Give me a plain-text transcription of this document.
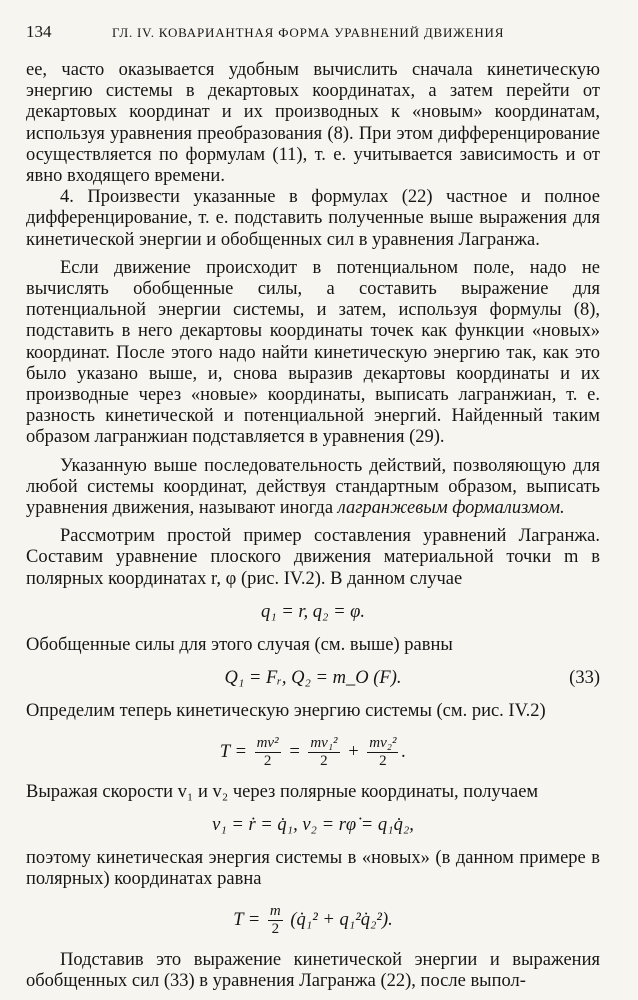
134	ГЛ. IV. КОВАРИАНТНАЯ ФОРМА УРАВНЕНИЙ ДВИЖЕНИЯ

ее, часто оказывается удобным вычислить сначала кинетическую энергию системы в декартовых координатах, а затем перейти от декартовых координат и их производных к «новым» координатам, используя уравнения преобразования (8). При этом дифференцирование осуществляется по формулам (11), т. е. учитывается зависимость и от явно входящего времени.

4. Произвести указанные в формулах (22) частное и полное дифференцирование, т. е. подставить полученные выше выражения для кинетической энергии и обобщенных сил в уравнения Лагранжа.

Если движение происходит в потенциальном поле, надо не вычислять обобщенные силы, а составить выражение для потенциальной энергии системы, и затем, используя формулы (8), подставить в него декартовы координаты точек как функции «новых» координат. После этого надо найти кинетическую энергию так, как это было указано выше, и, снова выразив декартовы координаты и их производные через «новые» координаты, выписать лагранжиан, т. е. разность кинетической и потенциальной энергий. Найденный таким образом лагранжиан подставляется в уравнения (29).

Указанную выше последовательность действий, позволяющую для любой системы координат, действуя стандартным образом, выписать уравнения движения, называют иногда лагранжевым формализмом.

Рассмотрим простой пример составления уравнений Лагранжа. Составим уравнение плоского движения материальной точки m в полярных координатах r, φ (рис. IV.2). В данном случае

q₁ = r, q₂ = φ.

Обобщенные силы для этого случая (см. выше) равны

Q₁ = Fᵣ, Q₂ = m_O (F).	(33)

Определим теперь кинетическую энергию системы (см. рис. IV.2)

$T = \frac{\text{mv²}}{2} = \frac{\text{mv₁²}}{2} + \frac{\text{mv₂²}}{2}$ .

Выражая скорости v₁ и v₂ через полярные координаты, получаем

v₁ = ṙ = q̇₁, v₂ = rφ̇ = q₁q̇₂,

поэтому кинетическая энергия системы в «новых» (в данном примере в полярных) координатах равна

$T = \frac{m}{2}$ (q̇₁² + q₁²q̇₂²).

Подставив это выражение кинетической энергии и выражения обобщенных сил (33) в уравнения Лагранжа (22), после выпол-
